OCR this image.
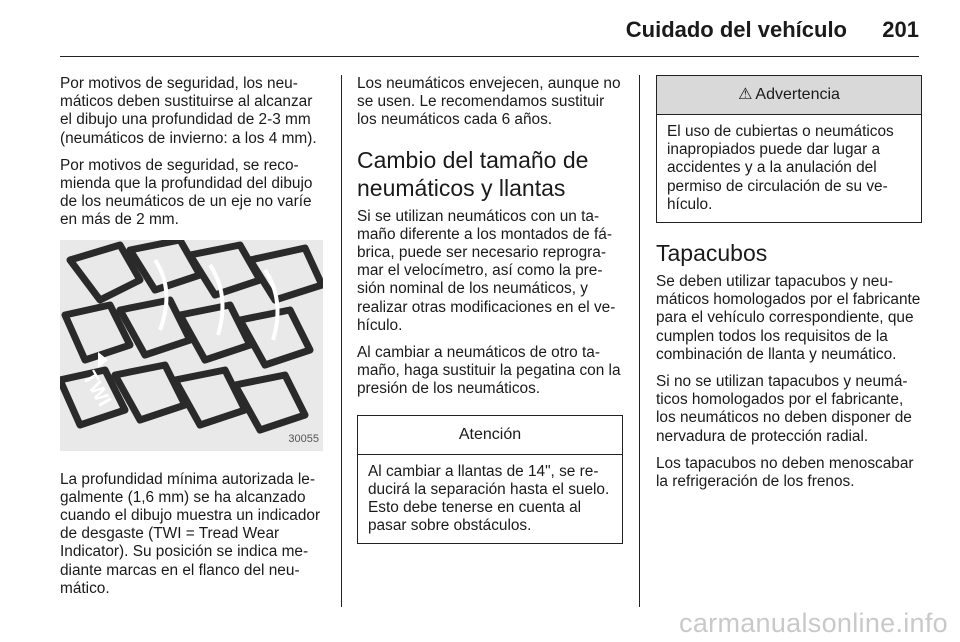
Cuidado del vehículo 201

Por motivos de seguridad, los neumáticos deben sustituirse al alcanzar el dibujo una profundidad de 2-3 mm (neumáticos de invierno: a los 4 mm).

Por motivos de seguridad, se recomienda que la profundidad del dibujo de los neumáticos de un eje no varíe en más de 2 mm.

TWI
30055

La profundidad mínima autorizada legalmente (1,6 mm) se ha alcanzado cuando el dibujo muestra un indicador de desgaste (TWI = Tread Wear Indicator). Su posición se indica mediante marcas en el flanco del neumático.

Los neumáticos envejecen, aunque no se usen. Le recomendamos sustituir los neumáticos cada 6 años.

Cambio del tamaño de neumáticos y llantas

Si se utilizan neumáticos con un tamaño diferente a los montados de fábrica, puede ser necesario reprogramar el velocímetro, así como la presión nominal de los neumáticos, y realizar otras modificaciones en el vehículo.

Al cambiar a neumáticos de otro tamaño, haga sustituir la pegatina con la presión de los neumáticos.

Atención
Al cambiar a llantas de 14", se reducirá la separación hasta el suelo. Esto debe tenerse en cuenta al pasar sobre obstáculos.
⚠ Advertencia
El uso de cubiertas o neumáticos inapropiados puede dar lugar a accidentes y a la anulación del permiso de circulación de su vehículo.
Tapacubos

Se deben utilizar tapacubos y neumáticos homologados por el fabricante para el vehículo correspondiente, que cumplen todos los requisitos de la combinación de llanta y neumático.

Si no se utilizan tapacubos y neumáticos homologados por el fabricante, los neumáticos no deben disponer de nervadura de protección radial.

Los tapacubos no deben menoscabar la refrigeración de los frenos.

carmanualsonline.info
